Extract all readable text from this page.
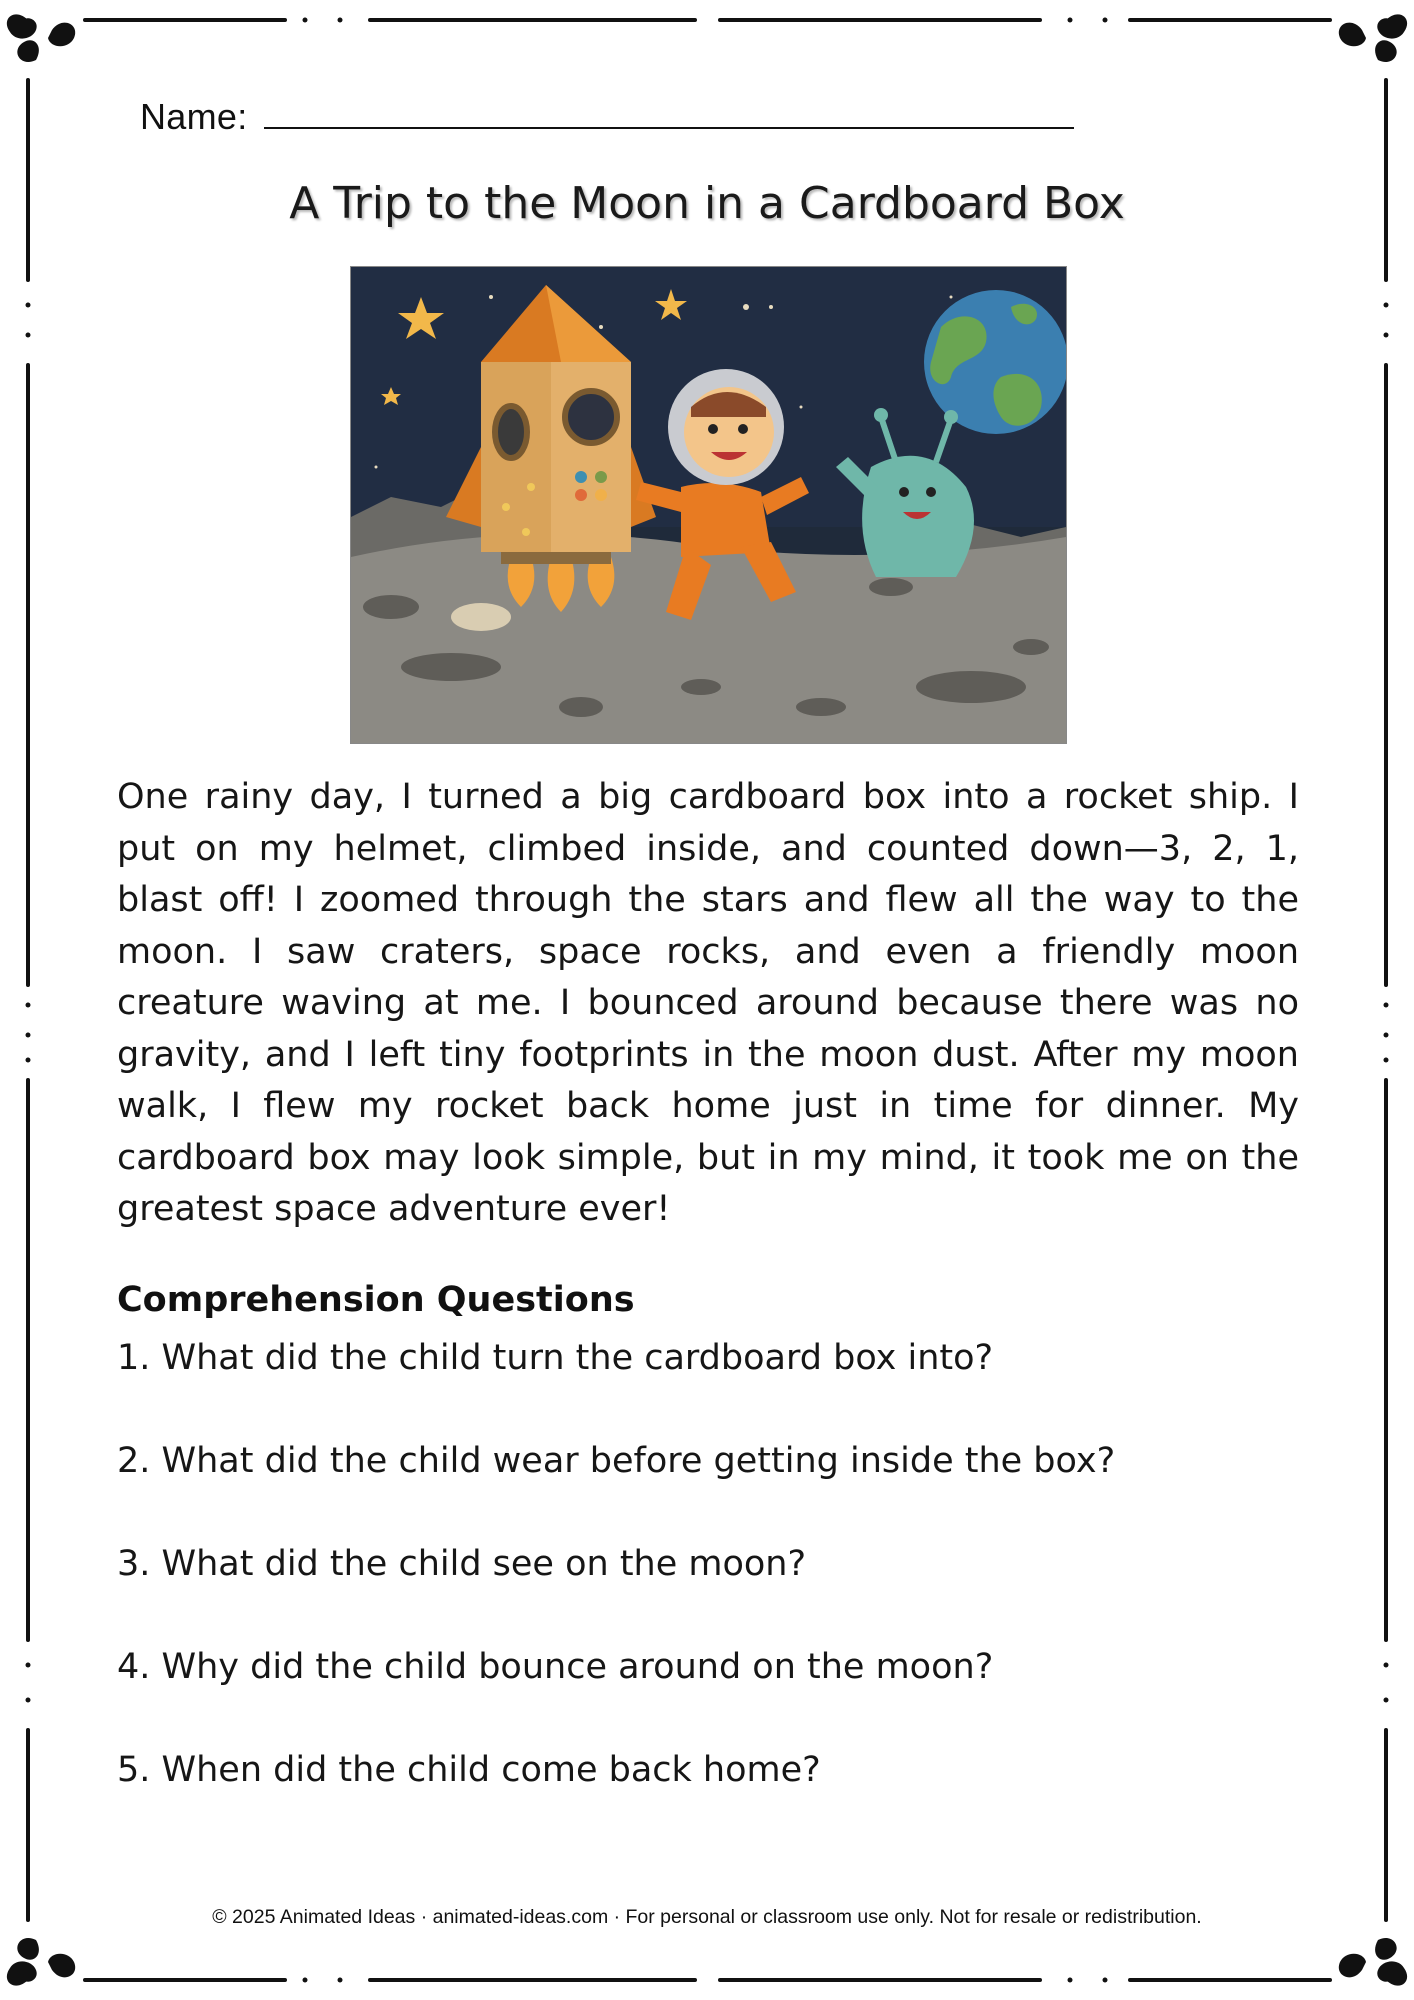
Name:
A Trip to the Moon in a Cardboard Box
One rainy day, I turned a big cardboard box into a rocket ship. I put on my helmet, climbed inside, and counted down—3, 2, 1, blast off! I zoomed through the stars and flew all the way to the moon. I saw craters, space rocks, and even a friendly moon creature waving at me. I bounced around because there was no gravity, and I left tiny footprints in the moon dust. After my moon walk, I flew my rocket back home just in time for dinner. My cardboard box may look simple, but in my mind, it took me on the greatest space adventure ever!
Comprehension Questions
1. What did the child turn the cardboard box into?
2. What did the child wear before getting inside the box?
3. What did the child see on the moon?
4. Why did the child bounce around on the moon?
5. When did the child come back home?
© 2025 Animated Ideas · animated-ideas.com · For personal or classroom use only. Not for resale or redistribution.
